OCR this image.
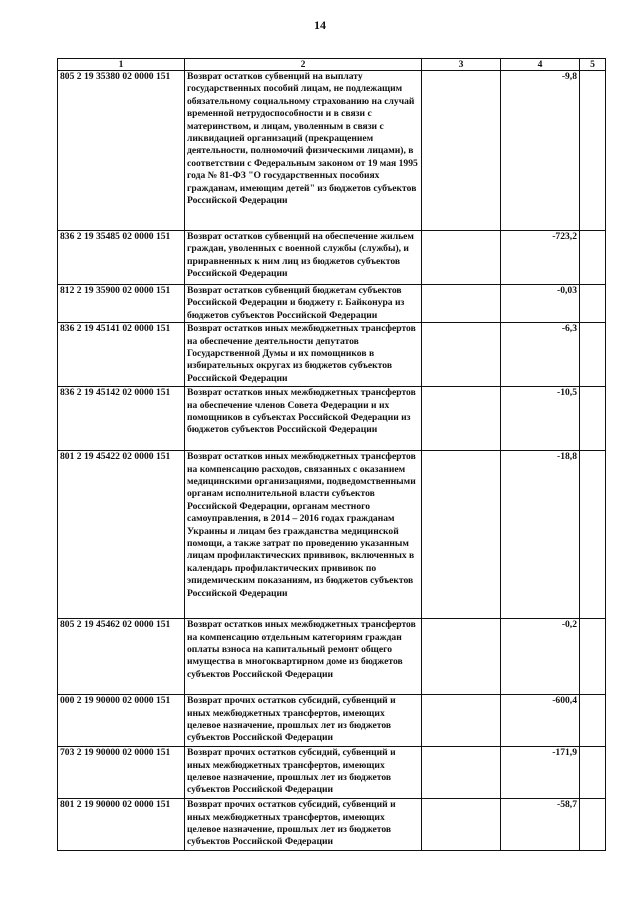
14
1	2	3	4	5
805 2 19 35380 02 0000 151	Возврат остатков субвенций на выплату государственных пособий лицам, не подлежащим обязательному социальному страхованию на случай временной нетрудоспособности и в связи с материнством, и лицам, уволенным в связи с ликвидацией организаций (прекращением деятельности, полномочий физическими лицами), в соответствии с Федеральным законом от 19 мая 1995 года № 81-ФЗ "О государственных пособиях гражданам, имеющим детей" из бюджетов субъектов Российской Федерации		-9,8	
836 2 19 35485 02 0000 151	Возврат остатков субвенций на обеспечение жильем граждан, уволенных с военной службы (службы), и приравненных к ним лиц из бюджетов субъектов Российской Федерации		-723,2	
812 2 19 35900 02 0000 151	Возврат остатков субвенций бюджетам субъектов Российской Федерации и бюджету г. Байконура из бюджетов субъектов Российской Федерации		-0,03	
836 2 19 45141 02 0000 151	Возврат остатков иных межбюджетных трансфертов на обеспечение деятельности депутатов Государственной Думы и их помощников в избирательных округах из бюджетов субъектов Российской Федерации		-6,3	
836 2 19 45142 02 0000 151	Возврат остатков иных межбюджетных трансфертов на обеспечение членов Совета Федерации и их помощников в субъектах Российской Федерации из бюджетов субъектов Российской Федерации		-10,5	
801 2 19 45422 02 0000 151	Возврат остатков иных межбюджетных трансфертов на компенсацию расходов, связанных с оказанием медицинскими организациями, подведомственными органам исполнительной власти субъектов Российской Федерации, органам местного самоуправления, в 2014 – 2016 годах гражданам Украины и лицам без гражданства медицинской помощи, а также затрат по проведению указанным лицам профилактических прививок, включенных в календарь профилактических прививок по эпидемическим показаниям, из бюджетов субъектов Российской Федерации		-18,8	
805 2 19 45462 02 0000 151	Возврат остатков иных межбюджетных трансфертов на компенсацию отдельным категориям граждан оплаты взноса на капитальный ремонт общего имущества в многоквартирном доме из бюджетов субъектов Российской Федерации		-0,2	
000 2 19 90000 02 0000 151	Возврат прочих остатков субсидий, субвенций и иных межбюджетных трансфертов, имеющих целевое назначение, прошлых лет из бюджетов субъектов Российской Федерации		-600,4	
703 2 19 90000 02 0000 151	Возврат прочих остатков субсидий, субвенций и иных межбюджетных трансфертов, имеющих целевое назначение, прошлых лет из бюджетов субъектов Российской Федерации		-171,9	
801 2 19 90000 02 0000 151	Возврат прочих остатков субсидий, субвенций и иных межбюджетных трансфертов, имеющих целевое назначение, прошлых лет из бюджетов субъектов Российской Федерации		-58,7	
